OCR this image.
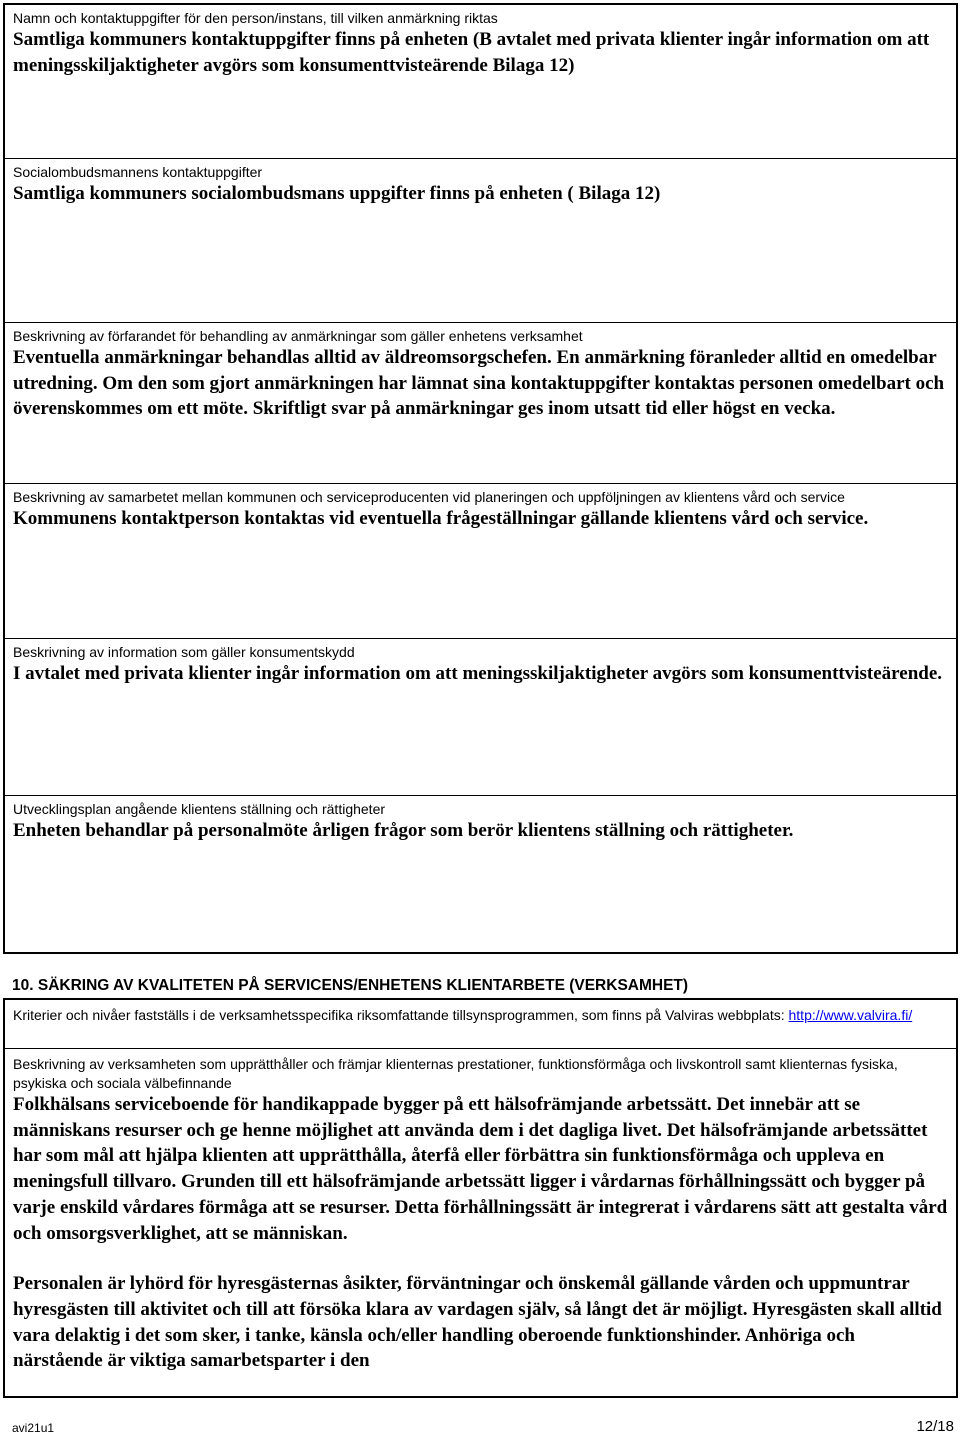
Namn och kontaktuppgifter för den person/instans, till vilken anmärkning riktas
Samtliga kommuners kontaktuppgifter finns på enheten (B avtalet med privata klienter ingår information om att meningsskiljaktigheter avgörs som konsumenttvisteärende Bilaga 12)
Socialombudsmannens kontaktuppgifter
Samtliga kommuners socialombudsmans uppgifter finns på enheten ( Bilaga 12)
Beskrivning av förfarandet för behandling av anmärkningar som gäller enhetens verksamhet
Eventuella anmärkningar behandlas alltid av äldreomsorgschefen. En anmärkning föranleder alltid en omedelbar utredning. Om den som gjort anmärkningen har lämnat sina kontaktuppgifter kontaktas personen omedelbart och överenskommes om ett möte. Skriftligt svar på anmärkningar ges inom utsatt tid eller högst en vecka.
Beskrivning av samarbetet mellan kommunen och serviceproducenten vid planeringen och uppföljningen av klientens vård och service
Kommunens kontaktperson kontaktas vid eventuella frågeställningar gällande klientens vård och service.
Beskrivning av information som gäller konsumentskydd
I avtalet med privata klienter ingår information om att meningsskiljaktigheter avgörs som konsumenttvisteärende.
Utvecklingsplan angående klientens ställning och rättigheter
Enheten behandlar på personalmöte årligen frågor som berör klientens ställning och rättigheter.
10. SÄKRING AV KVALITETEN PÅ SERVICENS/ENHETENS KLIENTARBETE (VERKSAMHET)
Kriterier och nivåer fastställs i de verksamhetsspecifika riksomfattande tillsynsprogrammen, som finns på Valviras webbplats: http://www.valvira.fi/
Beskrivning av verksamheten som upprätthåller och främjar klienternas prestationer, funktionsförmåga och livskontroll samt klienternas fysiska, psykiska och sociala välbefinnande
Folkhälsans serviceboende för handikappade bygger på ett hälsofrämjande arbetssätt. Det innebär att se människans resurser och ge henne möjlighet att använda dem i det dagliga livet. Det hälsofrämjande arbetssättet har som mål att hjälpa klienten att upprätthålla, återfå eller förbättra sin funktionsförmåga och uppleva en meningsfull tillvaro. Grunden till ett hälsofrämjande arbetssätt ligger i vårdarnas förhållningssätt och bygger på varje enskild vårdares förmåga att se resurser. Detta förhållningssätt är integrerat i vårdarens sätt att gestalta vård och omsorgsverklighet, att se människan.
Personalen är lyhörd för hyresgästernas åsikter, förväntningar och önskemål gällande vården och uppmuntrar hyresgästen till aktivitet och till att försöka klara av vardagen själv, så långt det är möjligt. Hyresgästen skall alltid vara delaktig i det som sker, i tanke, känsla och/eller handling oberoende funktionshinder. Anhöriga och närstående är viktiga samarbetsparter i den
avi21u1	12/18
